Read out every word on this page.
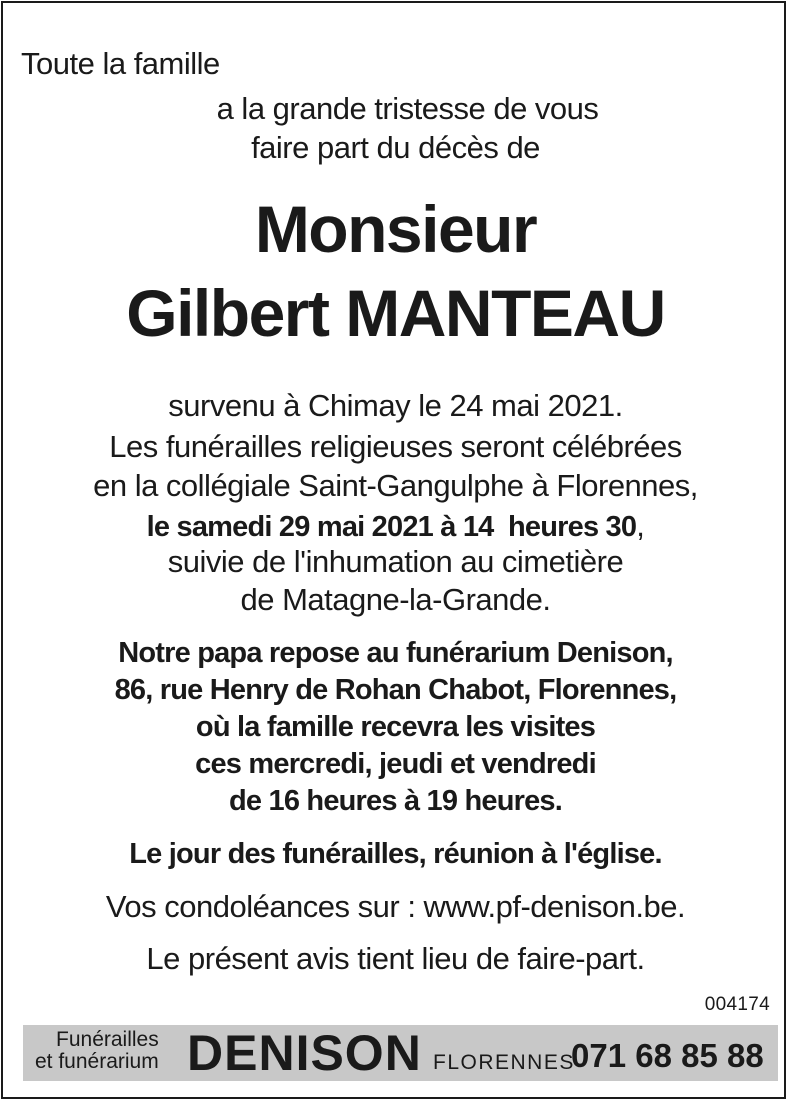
Toute la famille
a la grande tristesse de vous
faire part du décès de
Monsieur
Gilbert MANTEAU
survenu à Chimay le 24 mai 2021.
Les funérailles religieuses seront célébrées
en la collégiale Saint-Gangulphe à Florennes,
le samedi 29 mai 2021 à 14  heures 30,
suivie de l'inhumation au cimetière
de Matagne-la-Grande.
Notre papa repose au funérarium Denison,
86, rue Henry de Rohan Chabot, Florennes,
où la famille recevra les visites
ces mercredi, jeudi et vendredi
de 16 heures à 19 heures.
Le jour des funérailles, réunion à l'église.
Vos condoléances sur : www.pf-denison.be.
Le présent avis tient lieu de faire-part.
004174
Funérailles
et funérarium DENISON FLORENNES
071 68 85 88
